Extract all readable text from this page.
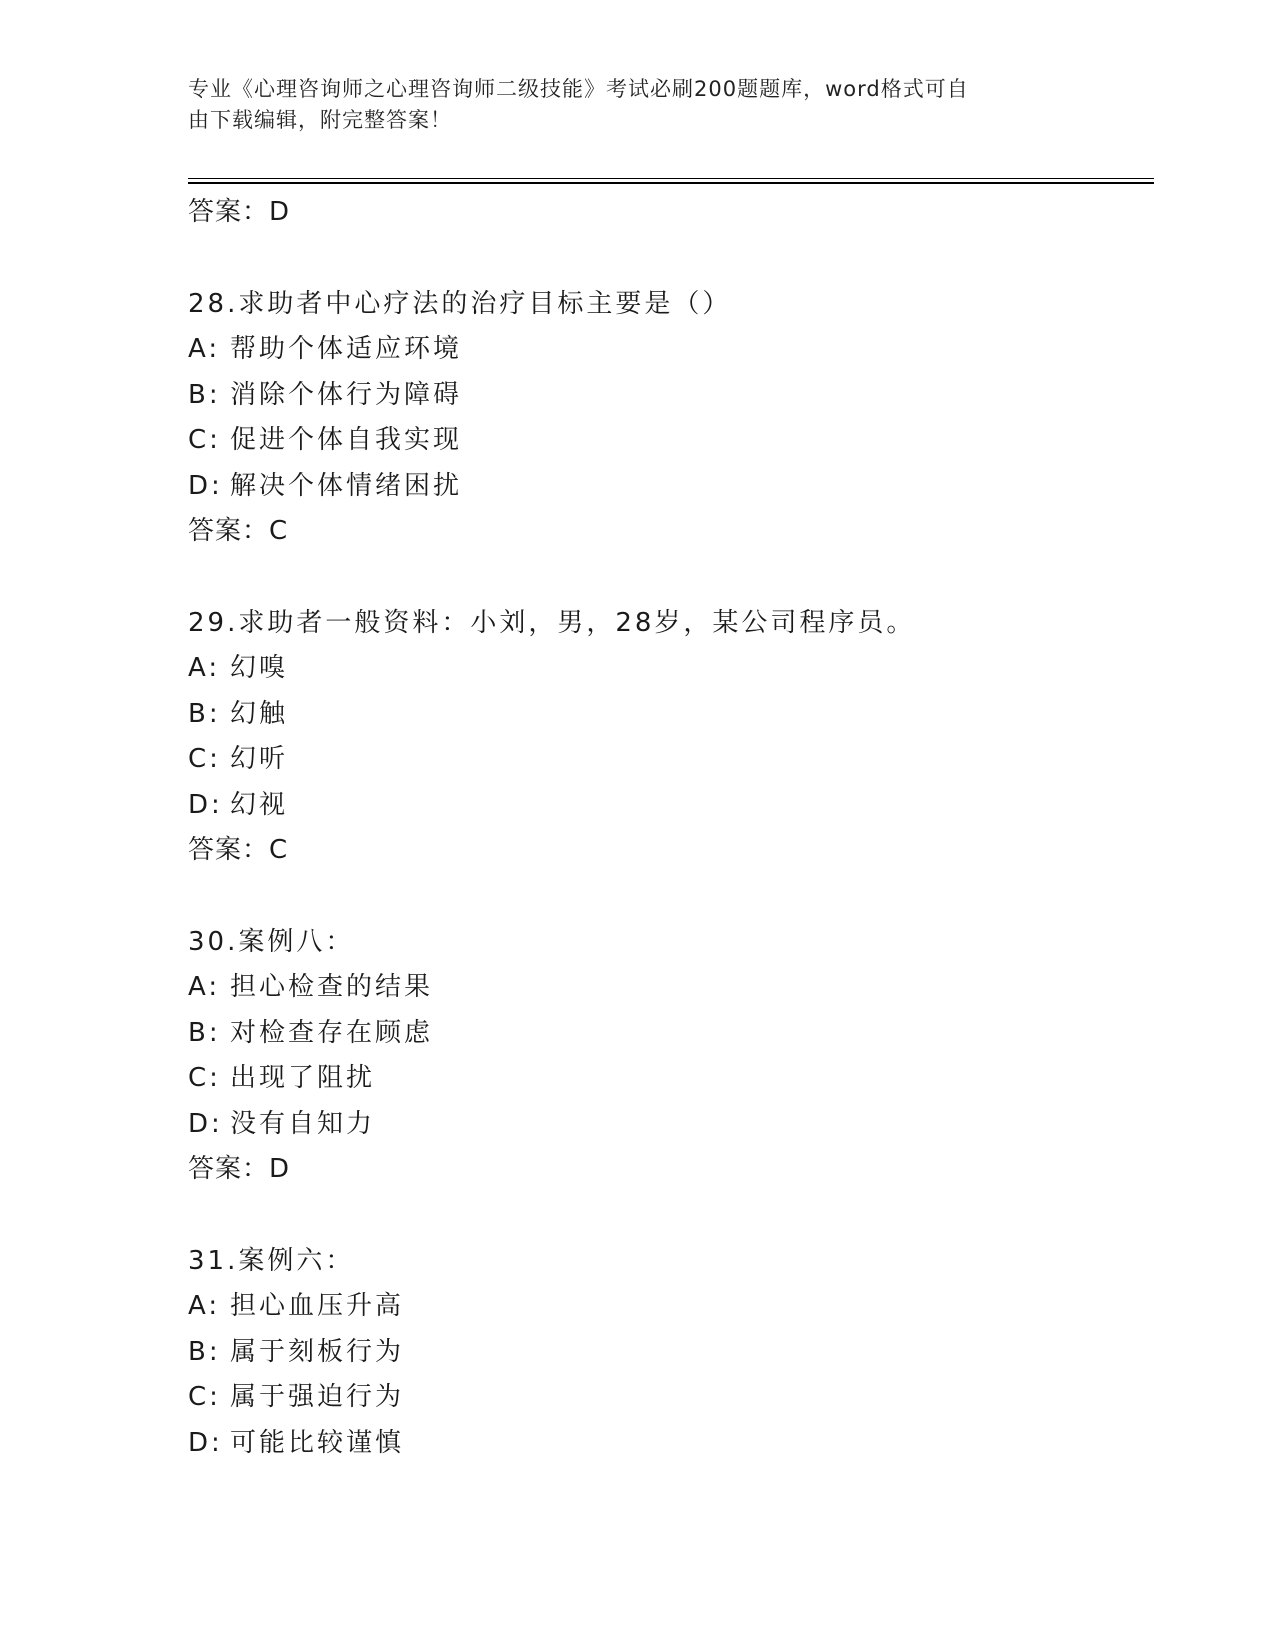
专业《心理咨询师之心理咨询师二级技能》考试必刷200题题库，word格式可自
由下载编辑，附完整答案！
答案：D
28.求助者中心疗法的治疗目标主要是（）
A: 帮助个体适应环境
B: 消除个体行为障碍
C: 促进个体自我实现
D: 解决个体情绪困扰
答案：C
29.求助者一般资料：小刘，男，28岁，某公司程序员。
A: 幻嗅
B: 幻触
C: 幻听
D: 幻视
答案：C
30.案例八：
A: 担心检查的结果
B: 对检查存在顾虑
C: 出现了阻扰
D: 没有自知力
答案：D
31.案例六：
A: 担心血压升高
B: 属于刻板行为
C: 属于强迫行为
D: 可能比较谨慎
